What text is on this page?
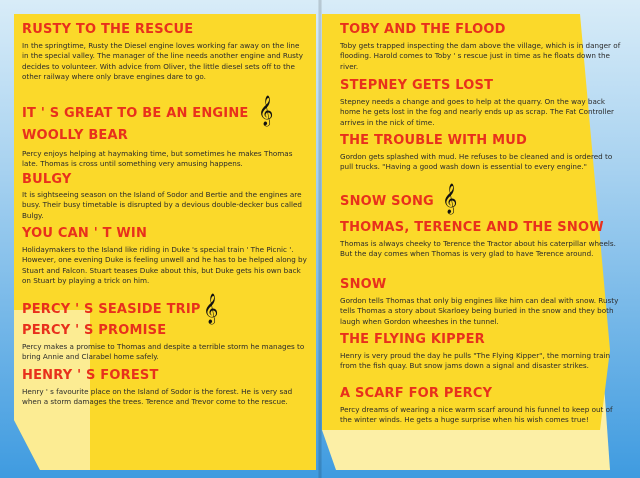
RUSTY TO THE RESCUE

In the springtime, Rusty the Diesel engine loves working far away on the line in the special valley. The manager of the line needs another engine and Rusty decides to volunteer. With advice from Oliver, the little diesel sets off to the other railway where only brave engines dare to go.

IT ' S GREAT TO BE AN ENGINE 𝄞
WOOLLY BEAR

Percy enjoys helping at haymaking time, but sometimes he makes Thomas late. Thomas is cross until something very amusing happens.

BULGY

It is sightseeing season on the Island of Sodor and Bertie and the engines are busy. Their busy timetable is disrupted by a devious double-decker bus called Bulgy.

YOU CAN ' T WIN

Holidaymakers to the Island like riding in Duke 's special train ' The Picnic '. However, one evening Duke is feeling unwell and he has to be helped along by Stuart and Falcon. Stuart teases Duke about this, but Duke gets his own back on Stuart by playing a trick on him.

PERCY ' S SEASIDE TRIP 𝄞
PERCY ' S PROMISE

Percy makes a promise to Thomas and despite a terrible storm he manages to bring Annie and Clarabel home safely.

HENRY ' S FOREST

Henry ' s favourite place on the Island of Sodor is the forest. He is very sad when a storm damages the trees. Terence and Trevor come to the rescue.

TOBY AND THE FLOOD

Toby gets trapped inspecting the dam above the village, which is in danger of flooding. Harold comes to Toby ' s rescue just in time as he floats down the river.

STEPNEY GETS LOST

Stepney needs a change and goes to help at the quarry. On the way back home he gets lost in the fog and nearly ends up as scrap. The Fat Controller arrives in the nick of time.

THE TROUBLE WITH MUD

Gordon gets splashed with mud. He refuses to be cleaned and is ordered to pull trucks. "Having a good wash down is essential to every engine."

SNOW SONG 𝄞
THOMAS, TERENCE AND THE SNOW

Thomas is always cheeky to Terence the Tractor about his caterpillar wheels. But the day comes when Thomas is very glad to have Terence around.

SNOW

Gordon tells Thomas that only big engines like him can deal with snow. Rusty tells Thomas a story about Skarloey being buried in the snow and they both laugh when Gordon wheeshes in the tunnel.

THE FLYING KIPPER

Henry is very proud the day he pulls "The Flying Kipper", the morning train from the fish quay. But snow jams down a signal and disaster strikes.

A SCARF FOR PERCY

Percy dreams of wearing a nice warm scarf around his funnel to keep out of the winter winds. He gets a huge surprise when his wish comes true!
